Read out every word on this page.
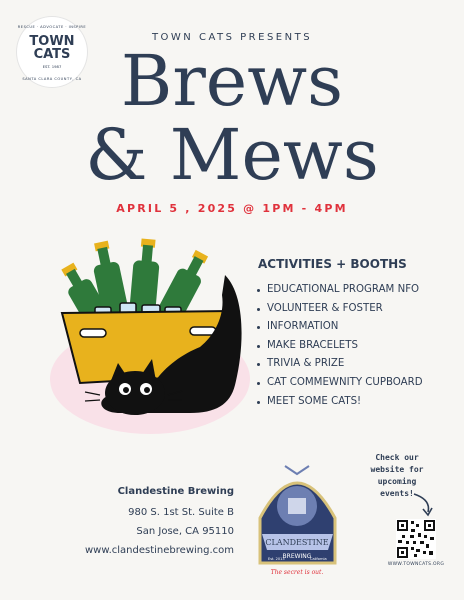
RESCUE · ADVOCATE · INSPIRE
TOWN
CATS
EST. 1987
SANTA CLARA COUNTY, CA
TOWN CATS PRESENTS
Brews
& Mews
APRIL 5 , 2025 @ 1PM - 4PM
ACTIVITIES + BOOTHS
EDUCATIONAL PROGRAM NFO
VOLUNTEER & FOSTER
INFORMATION
MAKE BRACELETS
TRIVIA & PRIZE
CAT COMMEWNITY CUPBOARD
MEET SOME CATS!
Clandestine Brewing
980 S. 1st St. Suite B
San Jose, CA 95110
www.clandestinebrewing.com
CLANDESTINE
BREWING
Est. 2013	California
The secret is out.
Check our
website for
upcoming
events!
WWW.TOWNCATS.ORG
